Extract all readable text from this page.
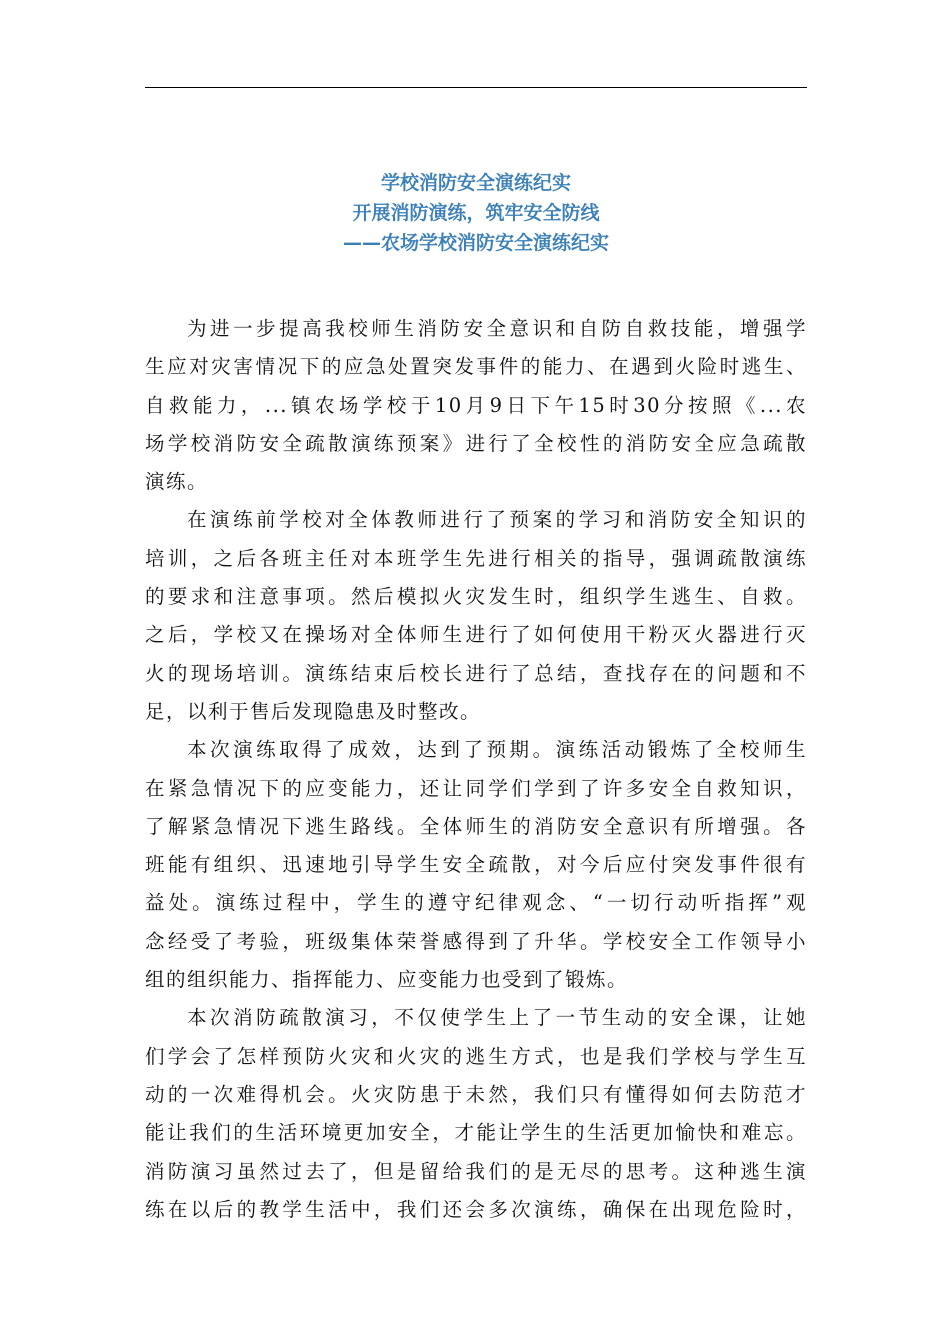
学校消防安全演练纪实
开展消防演练，筑牢安全防线
——农场学校消防安全演练纪实
为进一步提高我校师生消防安全意识和自防自救技能，增强学
生应对灾害情况下的应急处置突发事件的能力、在遇到火险时逃生、
自救能力，...镇农场学校于10月9日下午15时30分按照《...农
场学校消防安全疏散演练预案》进行了全校性的消防安全应急疏散
演练。
在演练前学校对全体教师进行了预案的学习和消防安全知识的
培训，之后各班主任对本班学生先进行相关的指导，强调疏散演练
的要求和注意事项。然后模拟火灾发生时，组织学生逃生、自救。
之后，学校又在操场对全体师生进行了如何使用干粉灭火器进行灭
火的现场培训。演练结束后校长进行了总结，查找存在的问题和不
足，以利于售后发现隐患及时整改。
本次演练取得了成效，达到了预期。演练活动锻炼了全校师生
在紧急情况下的应变能力，还让同学们学到了许多安全自救知识，
了解紧急情况下逃生路线。全体师生的消防安全意识有所增强。各
班能有组织、迅速地引导学生安全疏散，对今后应付突发事件很有
益处。演练过程中，学生的遵守纪律观念、“一切行动听指挥”观
念经受了考验，班级集体荣誉感得到了升华。学校安全工作领导小
组的组织能力、指挥能力、应变能力也受到了锻炼。
本次消防疏散演习，不仅使学生上了一节生动的安全课，让她
们学会了怎样预防火灾和火灾的逃生方式，也是我们学校与学生互
动的一次难得机会。火灾防患于未然，我们只有懂得如何去防范才
能让我们的生活环境更加安全，才能让学生的生活更加愉快和难忘。
消防演习虽然过去了，但是留给我们的是无尽的思考。这种逃生演
练在以后的教学生活中，我们还会多次演练，确保在出现危险时，
